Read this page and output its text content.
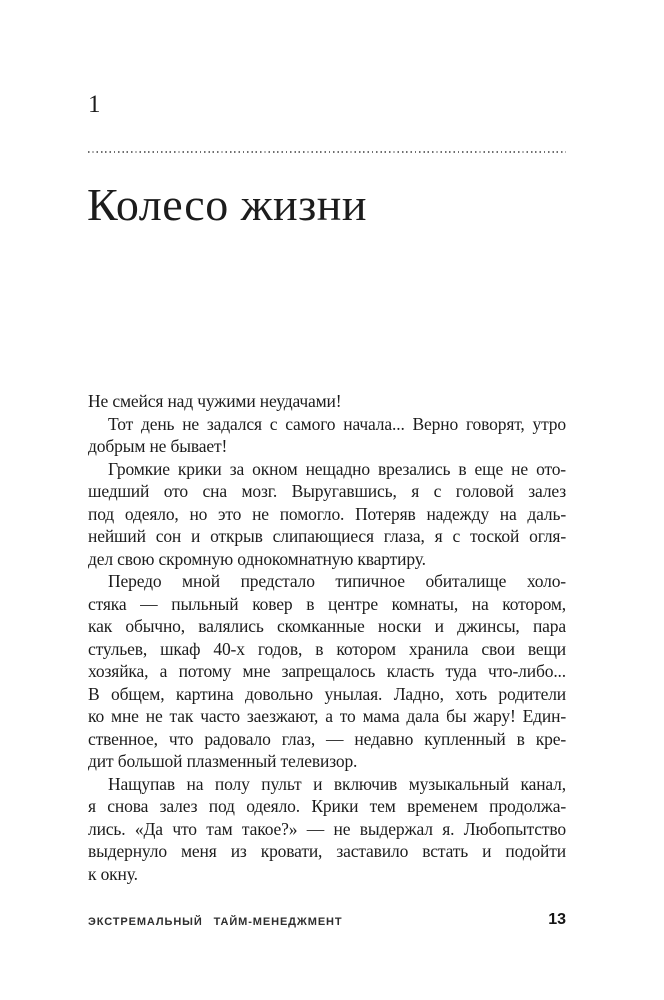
1
Колесо жизни
Не смейся над чужими неудачами!
Тот день не задался с самого начала... Верно говорят, утро
добрым не бывает!
Громкие крики за окном нещадно врезались в еще не ото-
шедший ото сна мозг. Выругавшись, я с головой залез
под одеяло, но это не помогло. Потеряв надежду на даль-
нейший сон и открыв слипающиеся глаза, я с тоской огля-
дел свою скромную однокомнатную квартиру.
Передо мной предстало типичное обиталище холо-
стяка — пыльный ковер в центре комнаты, на котором,
как обычно, валялись скомканные носки и джинсы, пара
стульев, шкаф 40-х годов, в котором хранила свои вещи
хозяйка, а потому мне запрещалось класть туда что-либо...
В общем, картина довольно унылая. Ладно, хоть родители
ко мне не так часто заезжают, а то мама дала бы жару! Един-
ственное, что радовало глаз, — недавно купленный в кре-
дит большой плазменный телевизор.
Нащупав на полу пульт и включив музыкальный канал,
я снова залез под одеяло. Крики тем временем продолжа-
лись. «Да что там такое?» — не выдержал я. Любопытство
выдернуло меня из кровати, заставило встать и подойти
к окну.
ЭКСТРЕМАЛЬНЫЙ ТАЙМ-МЕНЕДЖМЕНТ	13
